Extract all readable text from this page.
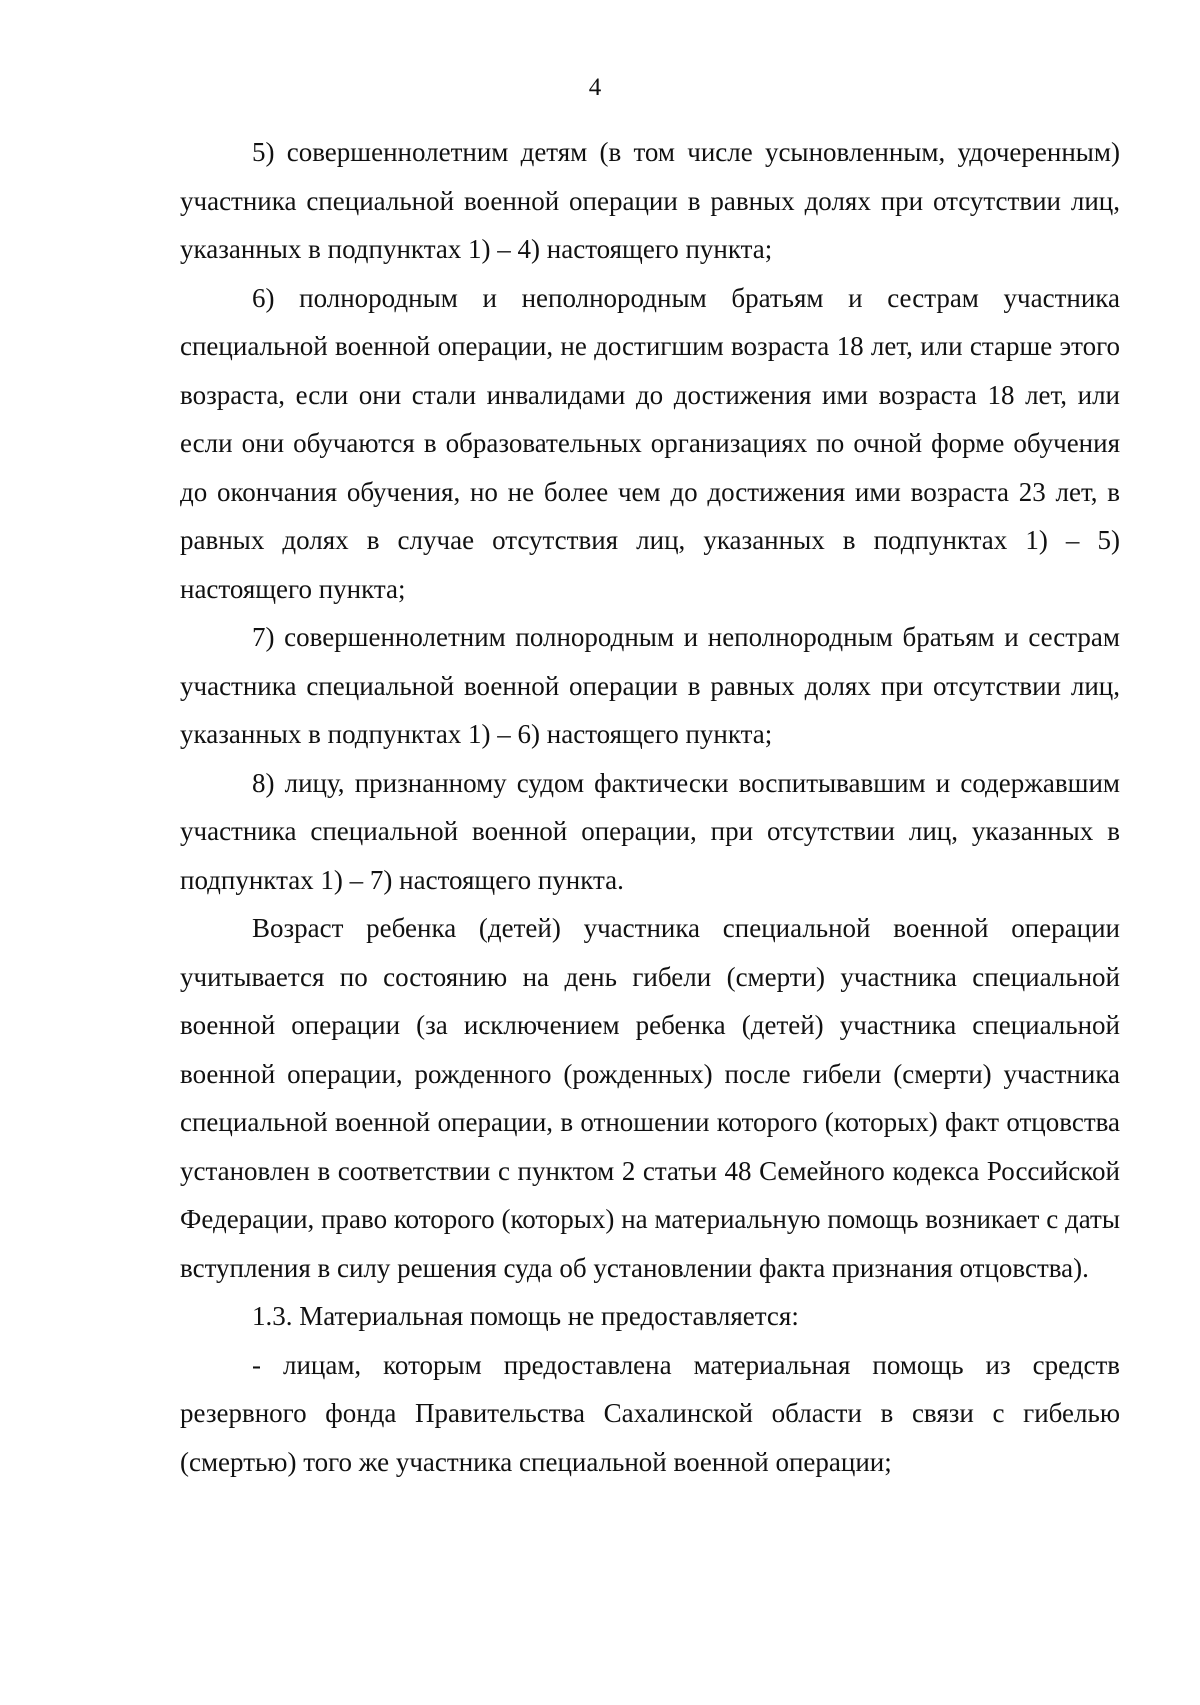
4

5) совершеннолетним детям (в том числе усыновленным, удочеренным) участника специальной военной операции в равных долях при отсутствии лиц, указанных в подпунктах 1) – 4) настоящего пункта;

6) полнородным и неполнородным братьям и сестрам участника специальной военной операции, не достигшим возраста 18 лет, или старше этого возраста, если они стали инвалидами до достижения ими возраста 18 лет, или если они обучаются в образовательных организациях по очной форме обучения до окончания обучения, но не более чем до достижения ими возраста 23 лет, в равных долях в случае отсутствия лиц, указанных в подпунктах 1) – 5) настоящего пункта;

7) совершеннолетним полнородным и неполнородным братьям и сестрам участника специальной военной операции в равных долях при отсутствии лиц, указанных в подпунктах 1) – 6) настоящего пункта;

8) лицу, признанному судом фактически воспитывавшим и содержавшим участника специальной военной операции, при отсутствии лиц, указанных в подпунктах 1) – 7) настоящего пункта.

Возраст ребенка (детей) участника специальной военной операции учитывается по состоянию на день гибели (смерти) участника специальной военной операции (за исключением ребенка (детей) участника специальной военной операции, рожденного (рожденных) после гибели (смерти) участника специальной военной операции, в отношении которого (которых) факт отцовства установлен в соответствии с пунктом 2 статьи 48 Семейного кодекса Российской Федерации, право которого (которых) на материальную помощь возникает с даты вступления в силу решения суда об установлении факта признания отцовства).

1.3. Материальная помощь не предоставляется:

- лицам, которым предоставлена материальная помощь из средств резервного фонда Правительства Сахалинской области в связи с гибелью (смертью) того же участника специальной военной операции;
